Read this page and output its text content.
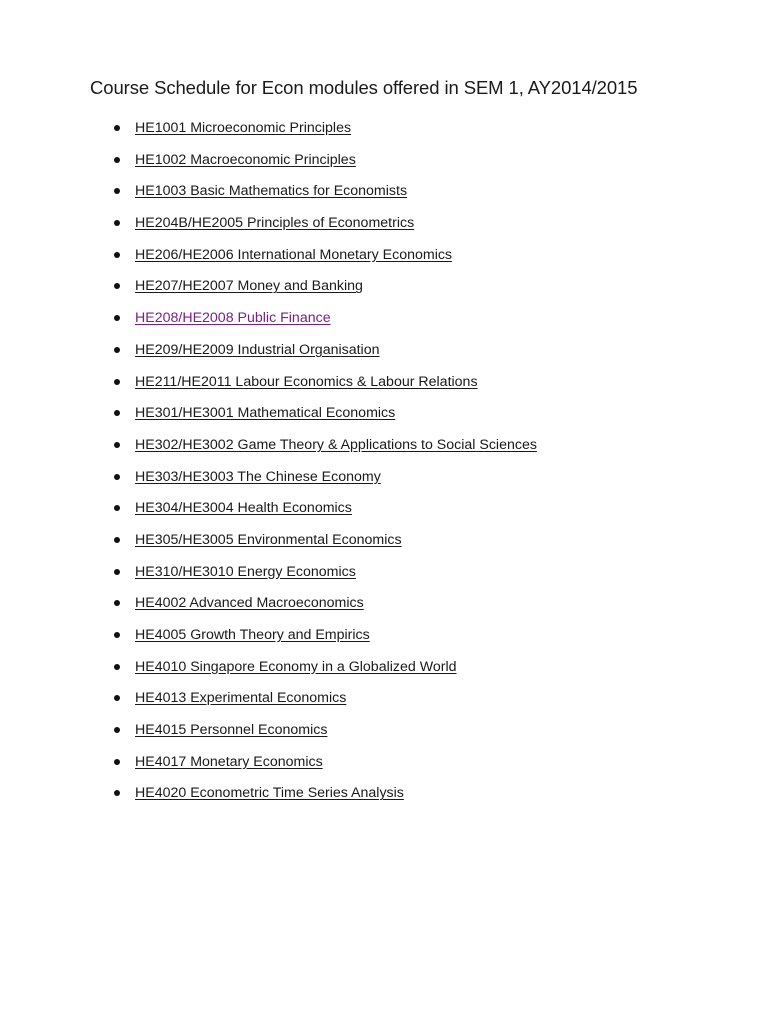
Course Schedule for Econ modules offered in SEM 1, AY2014/2015
HE1001 Microeconomic Principles
HE1002 Macroeconomic Principles
HE1003 Basic Mathematics for Economists
HE204B/HE2005 Principles of Econometrics
HE206/HE2006 International Monetary Economics
HE207/HE2007 Money and Banking
HE208/HE2008 Public Finance
HE209/HE2009 Industrial Organisation
HE211/HE2011 Labour Economics & Labour Relations
HE301/HE3001 Mathematical Economics
HE302/HE3002 Game Theory & Applications to Social Sciences
HE303/HE3003 The Chinese Economy
HE304/HE3004 Health Economics
HE305/HE3005 Environmental Economics
HE310/HE3010 Energy Economics
HE4002 Advanced Macroeconomics
HE4005 Growth Theory and Empirics
HE4010 Singapore Economy in a Globalized World
HE4013 Experimental Economics
HE4015 Personnel Economics
HE4017 Monetary Economics
HE4020 Econometric Time Series Analysis
